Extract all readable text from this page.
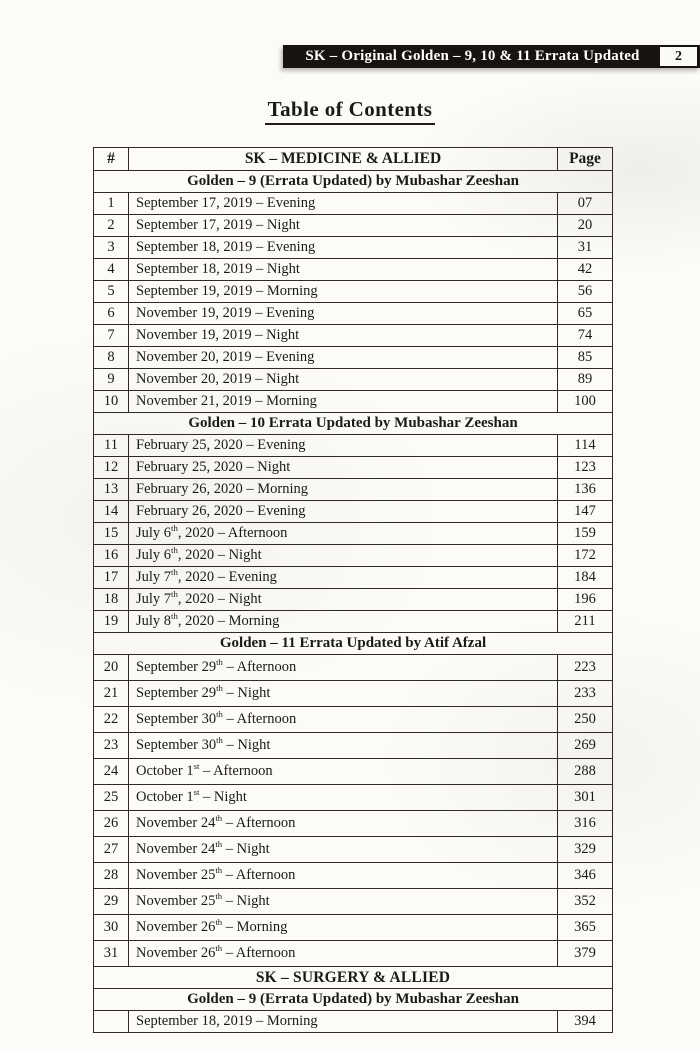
SK – Original Golden – 9, 10 & 11 Errata Updated	2
Table of Contents
#	SK – MEDICINE & ALLIED	Page
Golden – 9 (Errata Updated) by Mubashar Zeeshan		
1	September 17, 2019 – Evening	07
2	September 17, 2019 – Night	20
3	September 18, 2019 – Evening	31
4	September 18, 2019 – Night	42
5	September 19, 2019 – Morning	56
6	November 19, 2019 – Evening	65
7	November 19, 2019 – Night	74
8	November 20, 2019 – Evening	85
9	November 20, 2019 – Night	89
10	November 21, 2019 – Morning	100
Golden – 10 Errata Updated by Mubashar Zeeshan		
11	February 25, 2020 – Evening	114
12	February 25, 2020 – Night	123
13	February 26, 2020 – Morning	136
14	February 26, 2020 – Evening	147
15	July 6th, 2020 – Afternoon	159
16	July 6th, 2020 – Night	172
17	July 7th, 2020 – Evening	184
18	July 7th, 2020 – Night	196
19	July 8th, 2020 – Morning	211
Golden – 11 Errata Updated by Atif Afzal		
20	September 29th – Afternoon	223
21	September 29th – Night	233
22	September 30th – Afternoon	250
23	September 30th – Night	269
24	October 1st – Afternoon	288
25	October 1st – Night	301
26	November 24th – Afternoon	316
27	November 24th – Night	329
28	November 25th – Afternoon	346
29	November 25th – Night	352
30	November 26th – Morning	365
31	November 26th – Afternoon	379
SK – SURGERY & ALLIED		
Golden – 9 (Errata Updated) by Mubashar Zeeshan		
	September 18, 2019 – Morning	394
